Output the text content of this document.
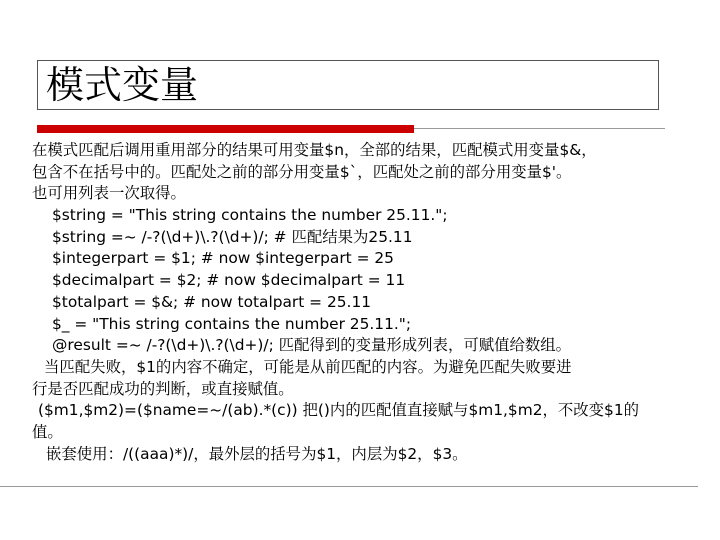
模式变量
在模式匹配后调用重用部分的结果可用变量$n，全部的结果，匹配模式用变量$&，
包含不在括号中的。匹配处之前的部分用变量$`，匹配处之前的部分用变量$'。
也可用列表一次取得。
$string = "This string contains the number 25.11.";
$string =~ /-?(\d+)\.?(\d+)/; # 匹配结果为25.11
$integerpart = $1; # now $integerpart = 25
$decimalpart = $2; # now $decimalpart = 11
$totalpart = $&; # now totalpart = 25.11
$_ = "This string contains the number 25.11.";
@result =~ /-?(\d+)\.?(\d+)/; 匹配得到的变量形成列表，可赋值给数组。
当匹配失败，$1的内容不确定，可能是从前匹配的内容。为避免匹配失败要进
行是否匹配成功的判断，或直接赋值。
($m1,$m2)=($name=~/(ab).*(c)) 把()内的匹配值直接赋与$m1,$m2，不改变$1的
值。
嵌套使用：/((aaa)*)/，最外层的括号为$1，内层为$2，$3。
